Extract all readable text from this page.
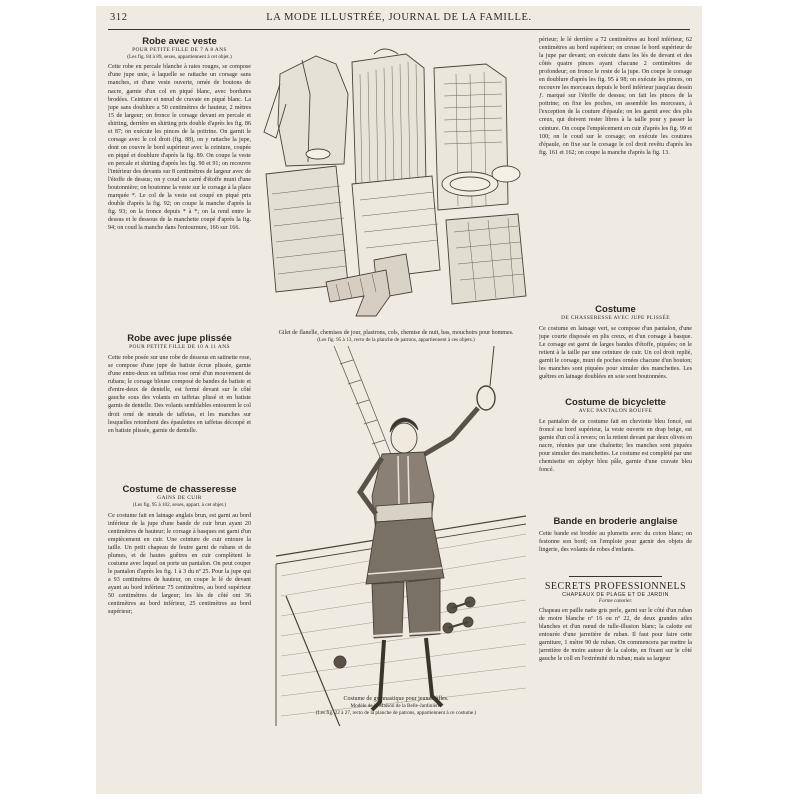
312	LA MODE ILLUSTRÉE, JOURNAL DE LA FAMILLE.
Robe avec veste
POUR PETITE FILLE DE 7 A 8 ANS
(Les fig. 84 à 89, sexes, appartiennent à cet objet.)

Cette robe en percale blanche à raies rouges, se compose d'une jupe unie, à laquelle se rattache un corsage sans manches, et d'une veste ouverte, ornée de boutons de nacre, garnie d'un col en piqué blanc, avec bordures brodées. Ceinture et nœud de cravate en piqué blanc. La jupe sans doublure a 50 centimètres de hauteur, 2 mètres 15 de largeur; on fronce le corsage devant en percale et shirting, derrière en shirting pris double d'après les fig. 86 et 87; on exécute les pinces de la poitrine. On garnit le corsage avec le col droit (fig. 88), on y rattache la jupe, dont on couvre le bord supérieur avec la ceinture, coupée en piqué et doublure d'après la fig. 89. On coupe la veste en percale et shirting d'après les fig. 90 et 91; on recouvre l'intérieur des devants sur 8 centimètres de largeur avec de l'étoffe de dessus; on y coud un carré d'étoffe muni d'une boutonnière; on boutonne la veste sur le corsage à la place marquée *. Le col de la veste est coupé en piqué pris double d'après la fig. 92; on coupe la manche d'après la fig. 93; on la fronce depuis * à *; on la rend entre le dessus et le dessous de la manchette coupé d'après la fig. 94; on coud la manche dans l'entournure, 166 sur 166.

Robe avec jupe plissée
POUR PETITE FILLE DE 10 A 11 ANS

Cette robe posée sur une robe de dessous en satinette rose, se compose d'une jupe de batiste écrue plissée, garnie d'une entre-deux en taffetas rose orné d'un mouvement de rubans; le corsage blouse composé de bandes de batiste et d'entre-deux de dentelle, est fermé devant sur le côté gauche sous des volants en taffetas plissé et en batiste garnis de dentelle. Des volants semblables entourent le col droit orné de nœuds de taffetas, et les manches sur lesquelles retombent des épaulettes en taffetas découpé et en batiste plissée, garnie de dentelle.

Costume de chasseresse
GAINS DE CUIR
(Les fig. 95 à 102, sexes, appart. à cet objet.)

Ce costume fait en lainage anglais brun, est garni au bord inférieur de la jupe d'une bande de cuir brun ayant 20 centimètres de hauteur; le corsage à basques est garni d'un empiècement en cuir. Une ceinture de cuir entoure la taille. Un petit chapeau de feutre garni de rubans et de plumes, et de hautes guêtres en cuir complètent le costume avec lequel on porte un pantalon. On peut couper le pantalon d'après les fig. 1 à 3 du nº 25. Pour la jupe qui a 93 centimètres de hauteur, on coupe le lé de devant ayant au bord inférieur 75 centimètres, au bord supérieur 50 centimètres de largeur; les lés de côté ont 36 centimètres au bord inférieur, 25 centimètres au bord supérieur;

Gilet de flanelle, chemises de jour, plastrons, cols, chemise de nuit, bas, mouchoirs pour hommes.
(Les fig. 95 à 13, recto de la planche de patrons, appartiennent à ces objets.)
Costume de gymnastique pour jeunes filles.
Modèle de la Maison de la Belle-Jardinière.
(Les fig. 22 à 27, recto de la planche de patrons, appartiennent à ce costume.)

périeur; le lé derrière a 72 centimètres au bord inférieur, 62 centimètres au bord supérieur; on creuse le bord supérieur de la jupe par devant; on exécute dans les lés de devant et des côtés quatre pinces ayant chacune 2 centimètres de profondeur; on fronce le reste de la jupe. On coupe le corsage en doublure d'après les fig. 95 à 98; on exécute les pinces, on recouvre les morceaux depuis le bord inférieur jusqu'au dessin ƒ. marqué sur l'étoffe de dessus; on fait les pinces de la poitrine; on fixe les poches, on assemble les morceaux, à l'exception de la couture d'épaule; on les garnit avec des plis creux, qui doivent rester libres à la taille pour y passer la ceinture. On coupe l'empiècement en cuir d'après les fig. 99 et 100; on le coud sur le corsage; on exécute les coutures d'épaule, on fixe sur le corsage le col droit revêtu d'après les fig. 161 et 162; on coupe la manche d'après la fig. 13.

Costume
DE CHASSERESSE AVEC JUPE PLISSÉE

Ce costume en lainage vert, se compose d'un pantalon, d'une jupe courte disposée en plis creux, et d'un corsage à basque. Le corsage est garni de larges bandes d'étoffe, piquées; on le retient à la taille par une ceinture de cuir. Un col droit replié, garnit le corsage, muni de poches ornées chacune d'un bouton; les manches sont piquées pour simuler des manchettes. Les guêtres en lainage doublées en soie sont boutonnées.

Costume de bicyclette
AVEC PANTALON BOUFFE

Le pantalon de ce costume fait en cheviotte bleu foncé, est froncé au bord supérieur, la veste ouverte en drap beige, est garnie d'un col à revers; on la retient devant par deux olives en nacre, réunies par une chaînette; les manches sont piquées pour simuler des manchettes. Le costume est complété par une chemisette en zéphyr bleu pâle, garnie d'une cravate bleu foncé.

Bande en broderie anglaise

Cette bande est brodée au plumetis avec du coton blanc; on festonne son bord; on l'emploie pour garnir des objets de lingerie, des volants de robes d'enfants.

SECRETS PROFESSIONNELS
CHAPEAUX DE PLAGE ET DE JARDIN
Forme canotier.

Chapeau en paille natte gris perle, garni sur le côté d'un ruban de moire blanche nº 16 ou nº 22, de deux grandes ailes blanches et d'un nœud de tulle-illusion blanc; la calotte est entourée d'une jarretière de ruban. Il faut pour faire cette garniture, 1 mètre 90 de ruban. On commencera par mettre la jarretière de moire autour de la calotte, en fixant sur le côté gauche le coll en l'extrémité du ruban; mais sa largeur
